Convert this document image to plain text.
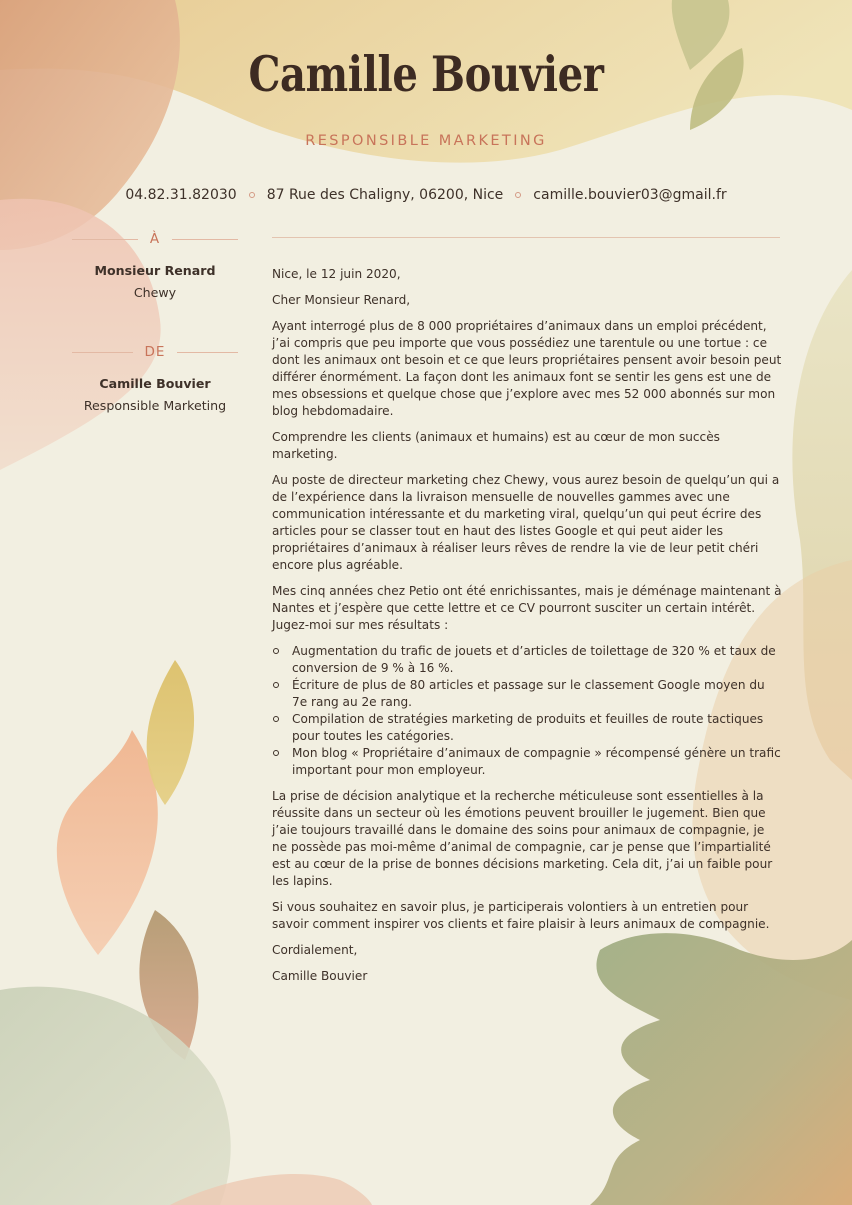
Camille Bouvier
RESPONSIBLE MARKETING
04.82.31.82030 87 Rue des Chaligny, 06200, Nice camille.bouvier03@gmail.fr
À
Monsieur Renard
Chewy
DE
Camille Bouvier
Responsible Marketing

Nice, le 12 juin 2020,

Cher Monsieur Renard,

Ayant interrogé plus de 8 000 propriétaires d’animaux dans un emploi précédent, j’ai compris que peu importe que vous possédiez une tarentule ou une tortue : ce dont les animaux ont besoin et ce que leurs propriétaires pensent avoir besoin peut différer énormément. La façon dont les animaux font se sentir les gens est une de mes obsessions et quelque chose que j’explore avec mes 52 000 abonnés sur mon blog hebdomadaire.

Comprendre les clients (animaux et humains) est au cœur de mon succès marketing.

Au poste de directeur marketing chez Chewy, vous aurez besoin de quelqu’un qui a de l’expérience dans la livraison mensuelle de nouvelles gammes avec une communication intéressante et du marketing viral, quelqu’un qui peut écrire des articles pour se classer tout en haut des listes Google et qui peut aider les propriétaires d’animaux à réaliser leurs rêves de rendre la vie de leur petit chéri encore plus agréable.

Mes cinq années chez Petio ont été enrichissantes, mais je déménage maintenant à Nantes et j’espère que cette lettre et ce CV pourront susciter un certain intérêt. Jugez-moi sur mes résultats :

Augmentation du trafic de jouets et d’articles de toilettage de 320 % et taux de conversion de 9 % à 16 %.
Écriture de plus de 80 articles et passage sur le classement Google moyen du 7e rang au 2e rang.
Compilation de stratégies marketing de produits et feuilles de route tactiques pour toutes les catégories.
Mon blog « Propriétaire d’animaux de compagnie » récompensé génère un trafic important pour mon employeur.

La prise de décision analytique et la recherche méticuleuse sont essentielles à la réussite dans un secteur où les émotions peuvent brouiller le jugement. Bien que j’aie toujours travaillé dans le domaine des soins pour animaux de compagnie, je ne possède pas moi-même d’animal de compagnie, car je pense que l’impartialité est au cœur de la prise de bonnes décisions marketing. Cela dit, j’ai un faible pour les lapins.

Si vous souhaitez en savoir plus, je participerais volontiers à un entretien pour savoir comment inspirer vos clients et faire plaisir à leurs animaux de compagnie.

Cordialement,

Camille Bouvier
